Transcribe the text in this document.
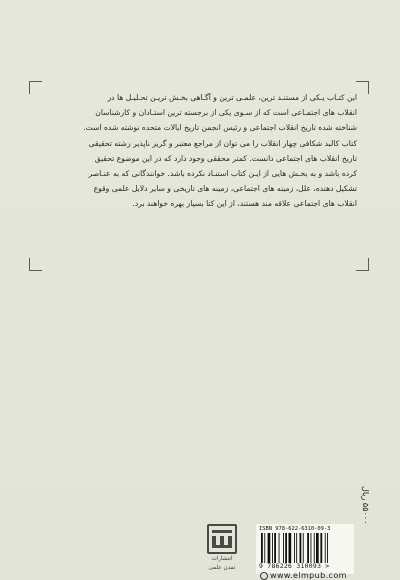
این کتـاب یـکی از مستنـد ترین، علمـی ترین و آگـاهی بخـش تریـن تحـلیـل ها در
انقلاب های اجتمـاعی است که از سـوی یکی از برجسته ترین استـادان و کارشناسان
شناخته شده تاریخ انقلاب اجتماعی و رئیس انجمن تاریخ ایالات متحده نوشته شده است.
کتاب کالبد شکافی چهار انقلاب را می توان از مراجع معتبر و گریز ناپذیر رشته تحقیقی
تاریخ انقلاب های اجتماعی دانست. کمتر محققی وجود دارد که در این موضوع تحقیق
کرده باشد و به بخـش هایی از ایـن کتاب استنـاد نکرده باشد. خوانندگانی که به عنـاصر
تشکیل دهنده، علل، زمینه های اجتماعی، زمینه های تاریخی و سایر دلایل علمی وقوع
انقلاب های اجتماعی علاقه مند هستند، از این کتا بسیار بهره خواهند برد.

۵۵۰۰۰ ریال
انتشارات
تمدن علمی
ISBN 978-622-6310-09-3
9 786226 310093 >
www.elmpub.com
